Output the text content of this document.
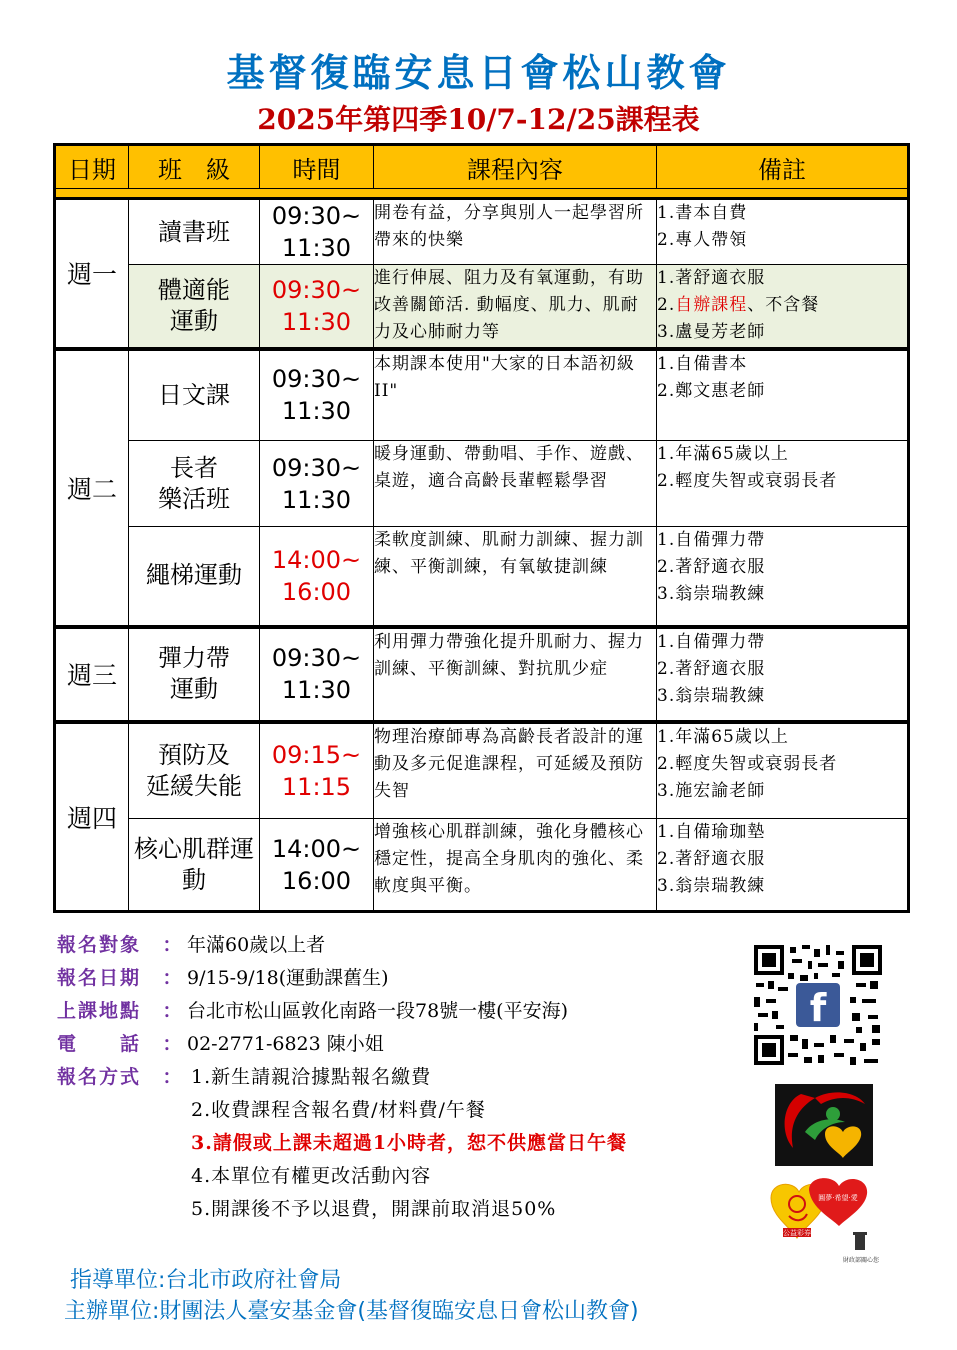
基督復臨安息日會松山教會
2025年第四季10/7-12/25課程表
日期	班　級	時間	課程內容	備註

週一	讀書班	09:30~
11:30	開卷有益，分享與別人一起學習所帶來的快樂	1.書本自費
2.專人帶領

	體適能
運動	09:30~
11:30	進行伸展、阻力及有氧運動，有助改善關節活. 動幅度、肌力、肌耐力及心肺耐力等	1.著舒適衣服
2.自辦課程、不含餐
3.盧曼芳老師

週二	日文課	09:30~
11:30	本期課本使用"大家的日本語初級II"	1.自備書本
2.鄭文惠老師

	長者
樂活班	09:30~
11:30	暖身運動、帶動唱、手作、遊戲、桌遊，適合高齡長輩輕鬆學習	1.年滿65歲以上
2.輕度失智或衰弱長者

	繩梯運動	14:00~
16:00	柔軟度訓練、肌耐力訓練、握力訓練、平衡訓練，有氧敏捷訓練	1.自備彈力帶
2.著舒適衣服
3.翁崇瑞教練

週三	彈力帶
運動	09:30~
11:30	利用彈力帶強化提升肌耐力、握力訓練、平衡訓練、對抗肌少症	1.自備彈力帶
2.著舒適衣服
3.翁崇瑞教練

週四	預防及
延緩失能	09:15~
11:15	物理治療師專為高齡長者設計的運動及多元促進課程，可延緩及預防失智	1.年滿65歲以上
2.輕度失智或衰弱長者
3.施宏諭老師

	核心肌群運
動	14:00~
16:00	增強核心肌群訓練，強化身體核心穩定性，提高全身肌肉的強化、柔軟度與平衡。	1.自備瑜珈墊
2.著舒適衣服
3.翁崇瑞教練
報名對象 ： 年滿60歲以上者
報名日期 ： 9/15-9/18(運動課舊生)
上課地點 ： 台北市松山區敦化南路一段78號一樓(平安海)
電　　話 ： 02-2771-6823 陳小姐
報名方式 ： 1.新生請親洽據點報名繳費
2.收費課程含報名費/材料費/午餐
3.請假或上課未超過1小時者，恕不供應當日午餐
4.本單位有權更改活動內容
5.開課後不予以退費，開課前取消退50%
f
圓夢·希望·愛
公益彩券
財政部關心您
指導單位:台北市政府社會局
主辦單位:財團法人臺安基金會(基督復臨安息日會松山教會)
